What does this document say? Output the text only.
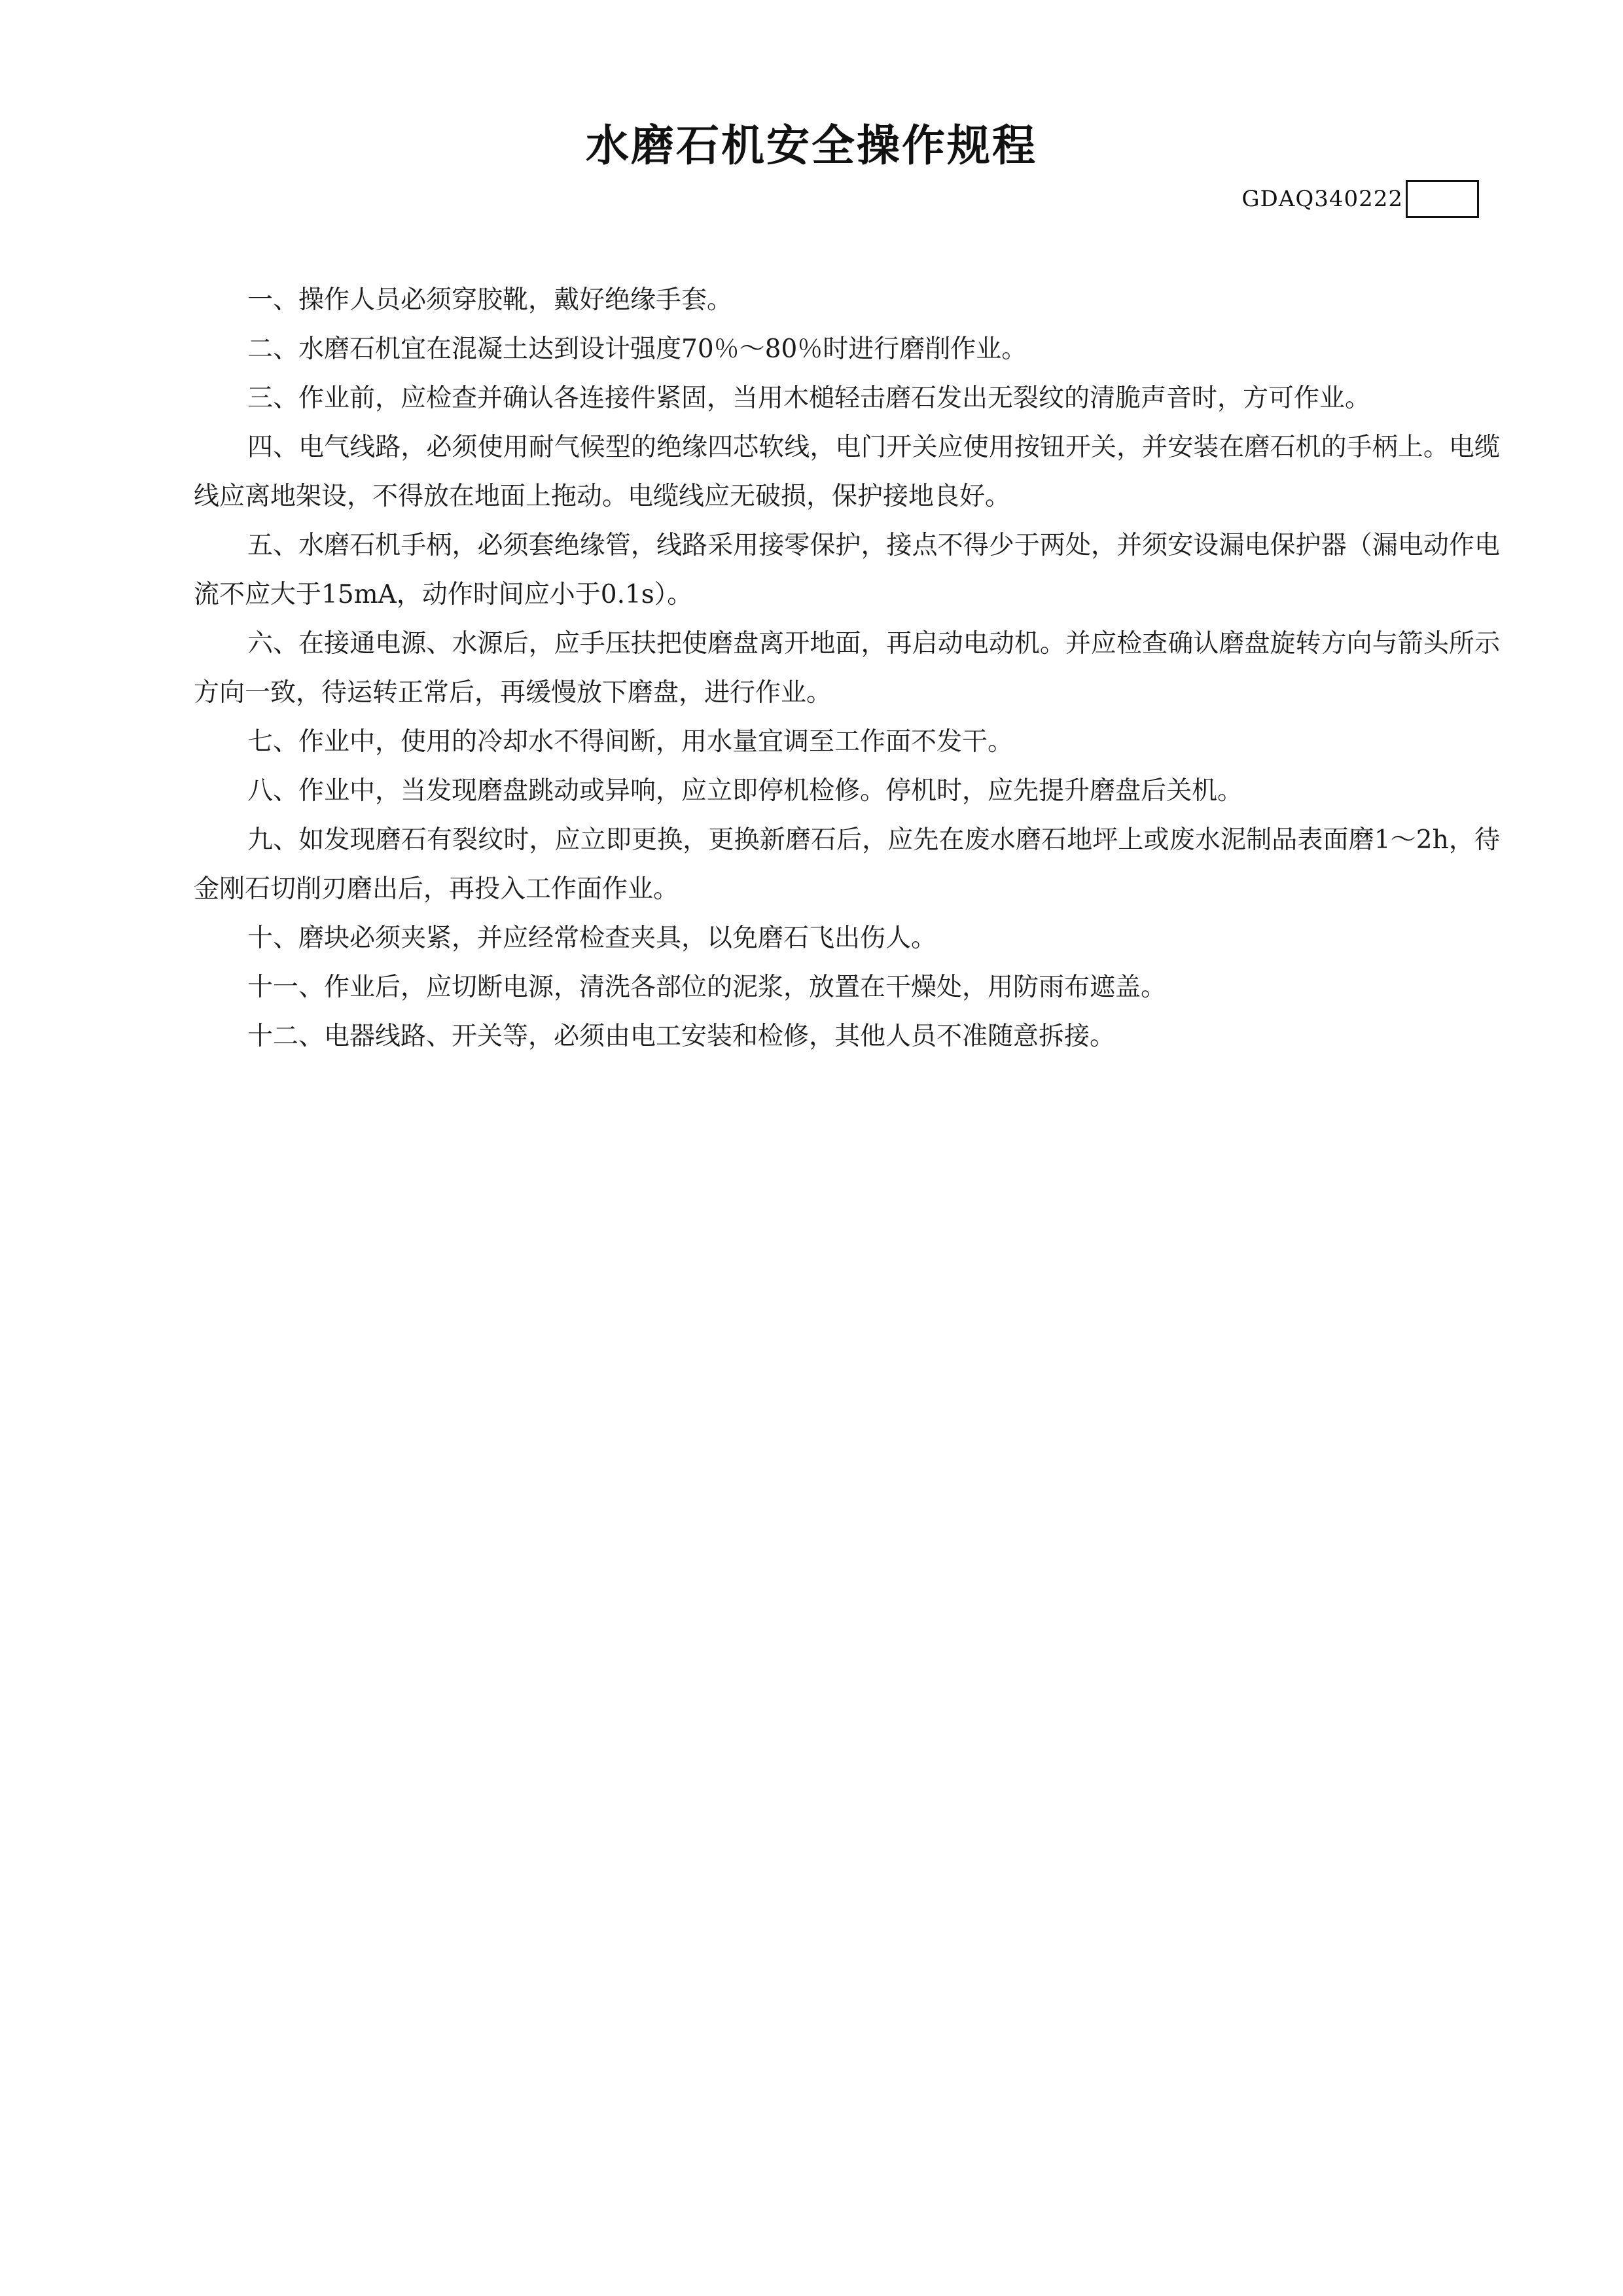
水磨石机安全操作规程
GDAQ340222

一、操作人员必须穿胶靴，戴好绝缘手套。

二、水磨石机宜在混凝土达到设计强度70％～80％时进行磨削作业。

三、作业前，应检查并确认各连接件紧固，当用木槌轻击磨石发出无裂纹的清脆声音时，方可作业。

四、电气线路，必须使用耐气候型的绝缘四芯软线，电门开关应使用按钮开关，并安装在磨石机的手柄上。电缆线应离地架设，不得放在地面上拖动。电缆线应无破损，保护接地良好。

五、水磨石机手柄，必须套绝缘管，线路采用接零保护，接点不得少于两处，并须安设漏电保护器（漏电动作电流不应大于15mA，动作时间应小于0.1s）。

六、在接通电源、水源后，应手压扶把使磨盘离开地面，再启动电动机。并应检查确认磨盘旋转方向与箭头所示方向一致，待运转正常后，再缓慢放下磨盘，进行作业。

七、作业中，使用的冷却水不得间断，用水量宜调至工作面不发干。

八、作业中，当发现磨盘跳动或异响，应立即停机检修。停机时，应先提升磨盘后关机。

九、如发现磨石有裂纹时，应立即更换，更换新磨石后，应先在废水磨石地坪上或废水泥制品表面磨1～2h，待金刚石切削刃磨出后，再投入工作面作业。

十、磨块必须夹紧，并应经常检查夹具，以免磨石飞出伤人。

十一、作业后，应切断电源，清洗各部位的泥浆，放置在干燥处，用防雨布遮盖。

十二、电器线路、开关等，必须由电工安装和检修，其他人员不准随意拆接。
